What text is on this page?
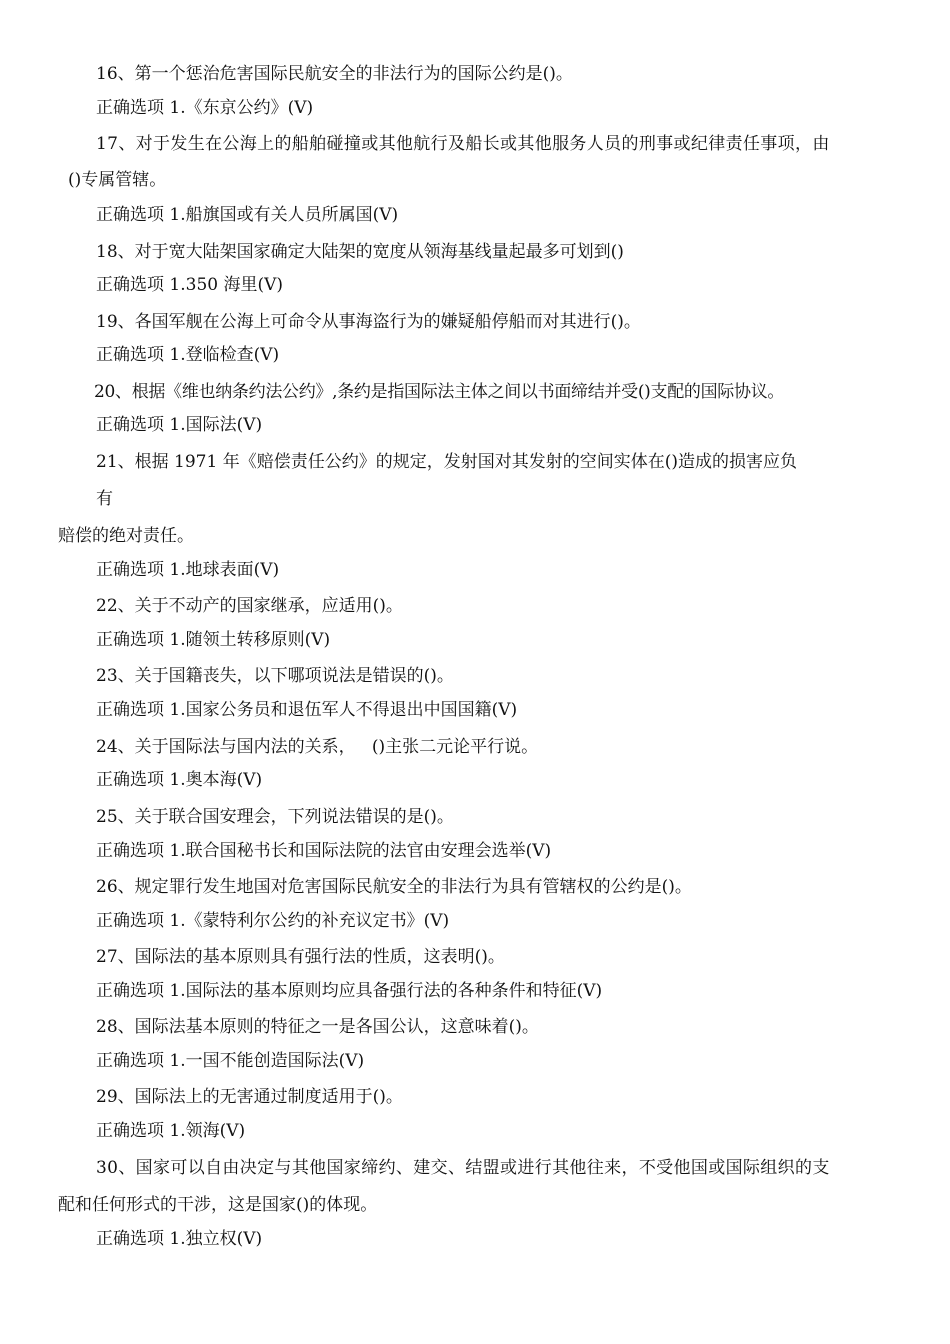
16、第一个惩治危害国际民航安全的非法行为的国际公约是()。
正确选项 1.《东京公约》(V)
17、对于发生在公海上的船舶碰撞或其他航行及船长或其他服务人员的刑事或纪律责任事项，由
()专属管辖。
正确选项 1.船旗国或有关人员所属国(V)
18、对于宽大陆架国家确定大陆架的宽度从领海基线量起最多可划到()
正确选项 1.350 海里(V)
19、各国军舰在公海上可命令从事海盗行为的嫌疑船停船而对其进行()。
正确选项 1.登临检查(V)
20、根据《维也纳条约法公约》,条约是指国际法主体之间以书面缔结并受()支配的国际协议。
正确选项 1.国际法(V)
21、根据 1971 年《赔偿责任公约》的规定，发射国对其发射的空间实体在()造成的损害应负
有
赔偿的绝对责任。
正确选项 1.地球表面(V)
22、关于不动产的国家继承，应适用()。
正确选项 1.随领土转移原则(V)
23、关于国籍丧失，以下哪项说法是错误的()。
正确选项 1.国家公务员和退伍军人不得退出中国国籍(V)
24、关于国际法与国内法的关系，   ()主张二元论平行说。
正确选项 1.奥本海(V)
25、关于联合国安理会，下列说法错误的是()。
正确选项 1.联合国秘书长和国际法院的法官由安理会选举(V)
26、规定罪行发生地国对危害国际民航安全的非法行为具有管辖权的公约是()。
正确选项 1.《蒙特利尔公约的补充议定书》(V)
27、国际法的基本原则具有强行法的性质，这表明()。
正确选项 1.国际法的基本原则均应具备强行法的各种条件和特征(V)
28、国际法基本原则的特征之一是各国公认，这意味着()。
正确选项 1.一国不能创造国际法(V)
29、国际法上的无害通过制度适用于()。
正确选项 1.领海(V)
30、国家可以自由决定与其他国家缔约、建交、结盟或进行其他往来，不受他国或国际组织的支
配和任何形式的干涉，这是国家()的体现。
正确选项 1.独立权(V)
